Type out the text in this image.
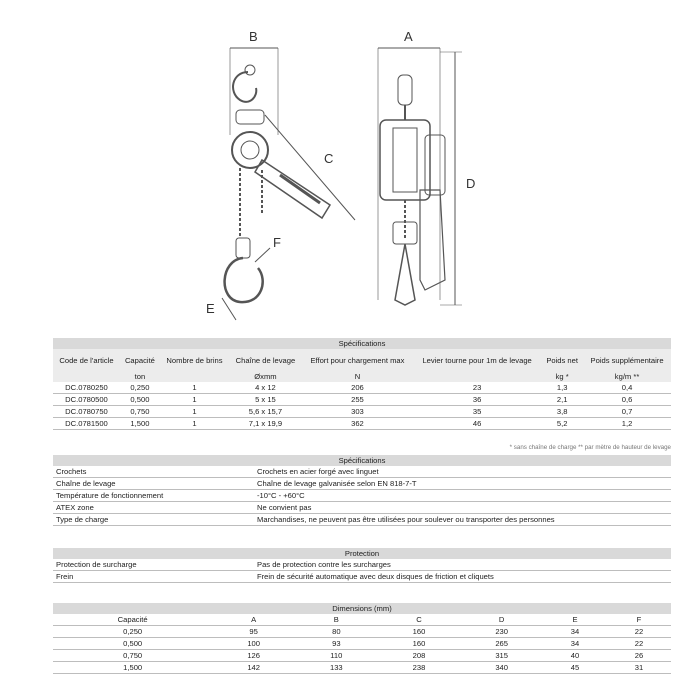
B	A
C
D
F
E
Spécifications							
Code de l'article	Capacité	Nombre de brins	Chaîne de levage	Effort pour chargement max	Levier tourne pour 1m de levage	Poids net	Poids supplémentaire
	ton		Øxmm	N		kg *	kg/m **
DC.0780250	0,250	1	4 x 12	206	23	1,3	0,4
DC.0780500	0,500	1	5 x 15	255	36	2,1	0,6
DC.0780750	0,750	1	5,6 x 15,7	303	35	3,8	0,7
DC.0781500	1,500	1	7,1 x 19,9	362	46	5,2	1,2
* sans chaîne de charge ** par mètre de hauteur de levage
Spécifications	
Crochets	Crochets en acier forgé avec linguet
Chaîne de levage	Chaîne de levage galvanisée selon EN 818-7-T
Température de fonctionnement	-10°C - +60°C
ATEX zone	Ne convient pas
Type de charge	Marchandises, ne peuvent pas être utilisées pour soulever ou transporter des personnes
Protection	
Protection de surcharge	Pas de protection contre les surcharges
Frein	Frein de sécurité automatique avec deux disques de friction et cliquets
Dimensions (mm)						
Capacité	A	B	C	D	E	F
0,250	95	80	160	230	34	22
0,500	100	93	160	265	34	22
0,750	126	110	208	315	40	26
1,500	142	133	238	340	45	31
